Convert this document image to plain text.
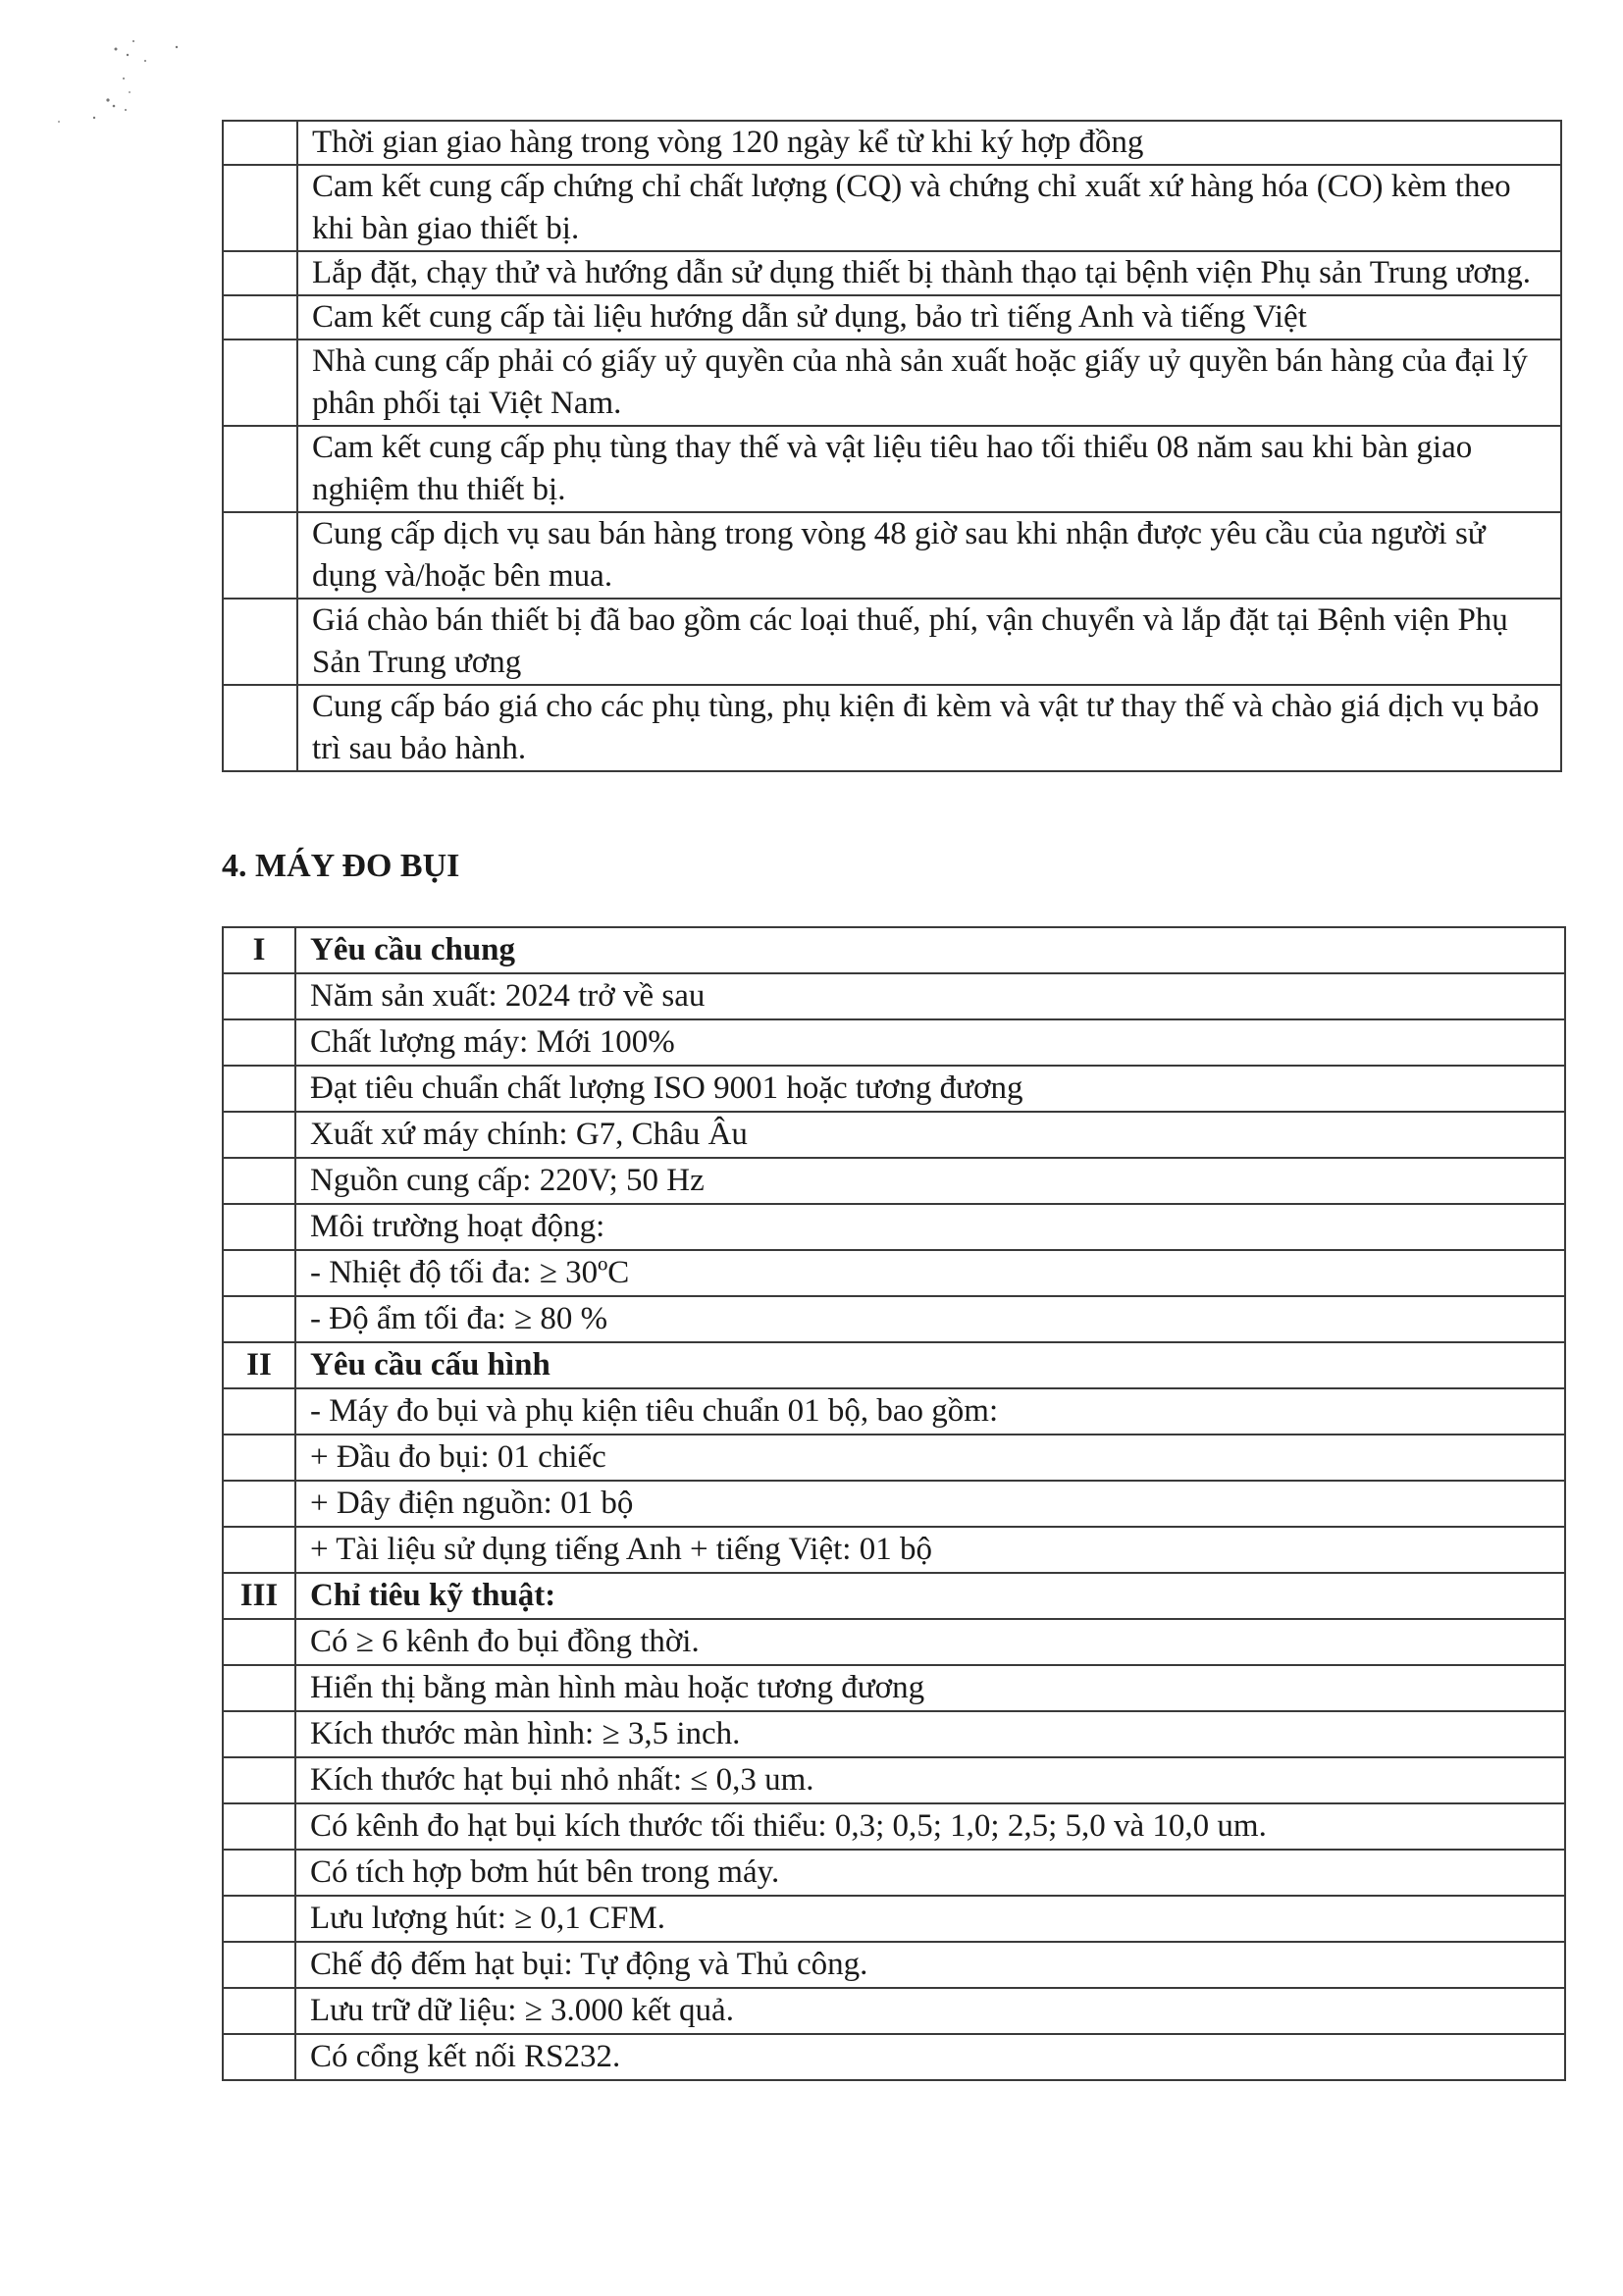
	Thời gian giao hàng trong vòng 120 ngày kể từ khi ký hợp đồng
	Cam kết cung cấp chứng chỉ chất lượng (CQ) và chứng chỉ xuất xứ hàng hóa (CO) kèm theo khi bàn giao thiết bị.
	Lắp đặt, chạy thử và hướng dẫn sử dụng thiết bị thành thạo tại bệnh viện Phụ sản Trung ương.
	Cam kết cung cấp tài liệu hướng dẫn sử dụng, bảo trì tiếng Anh và tiếng Việt
	Nhà cung cấp phải có giấy uỷ quyền của nhà sản xuất hoặc giấy uỷ quyền bán hàng của đại lý phân phối tại Việt Nam.
	Cam kết cung cấp phụ tùng thay thế và vật liệu tiêu hao tối thiểu 08 năm sau khi bàn giao nghiệm thu thiết bị.
	Cung cấp dịch vụ sau bán hàng trong vòng 48 giờ sau khi nhận được yêu cầu của người sử dụng và/hoặc bên mua.
	Giá chào bán thiết bị đã bao gồm các loại thuế, phí, vận chuyển và lắp đặt tại Bệnh viện Phụ Sản Trung ương
	Cung cấp báo giá cho các phụ tùng, phụ kiện đi kèm và vật tư thay thế và chào giá dịch vụ bảo trì sau bảo hành.
4. MÁY ĐO BỤI
I	Yêu cầu chung
	Năm sản xuất: 2024 trở về sau
	Chất lượng máy: Mới 100%
	Đạt tiêu chuẩn chất lượng ISO 9001 hoặc tương đương
	Xuất xứ máy chính: G7, Châu Âu
	Nguồn cung cấp: 220V; 50 Hz
	Môi trường hoạt động:
	- Nhiệt độ tối đa: ≥ 30ºC
	- Độ ẩm tối đa: ≥ 80 %
II	Yêu cầu cấu hình
	- Máy đo bụi và phụ kiện tiêu chuẩn 01 bộ, bao gồm:
	+ Đầu đo bụi: 01 chiếc
	+ Dây điện nguồn: 01 bộ
	+ Tài liệu sử dụng tiếng Anh + tiếng Việt: 01 bộ
III	Chỉ tiêu kỹ thuật:
	Có ≥ 6 kênh đo bụi đồng thời.
	Hiển thị bằng màn hình màu hoặc tương đương
	Kích thước màn hình: ≥ 3,5 inch.
	Kích thước hạt bụi nhỏ nhất: ≤ 0,3 um.
	Có kênh đo hạt bụi kích thước tối thiểu: 0,3; 0,5; 1,0; 2,5; 5,0 và 10,0 um.
	Có tích hợp bơm hút bên trong máy.
	Lưu lượng hút: ≥ 0,1 CFM.
	Chế độ đếm hạt bụi: Tự động và Thủ công.
	Lưu trữ dữ liệu: ≥ 3.000 kết quả.
	Có cổng kết nối RS232.
